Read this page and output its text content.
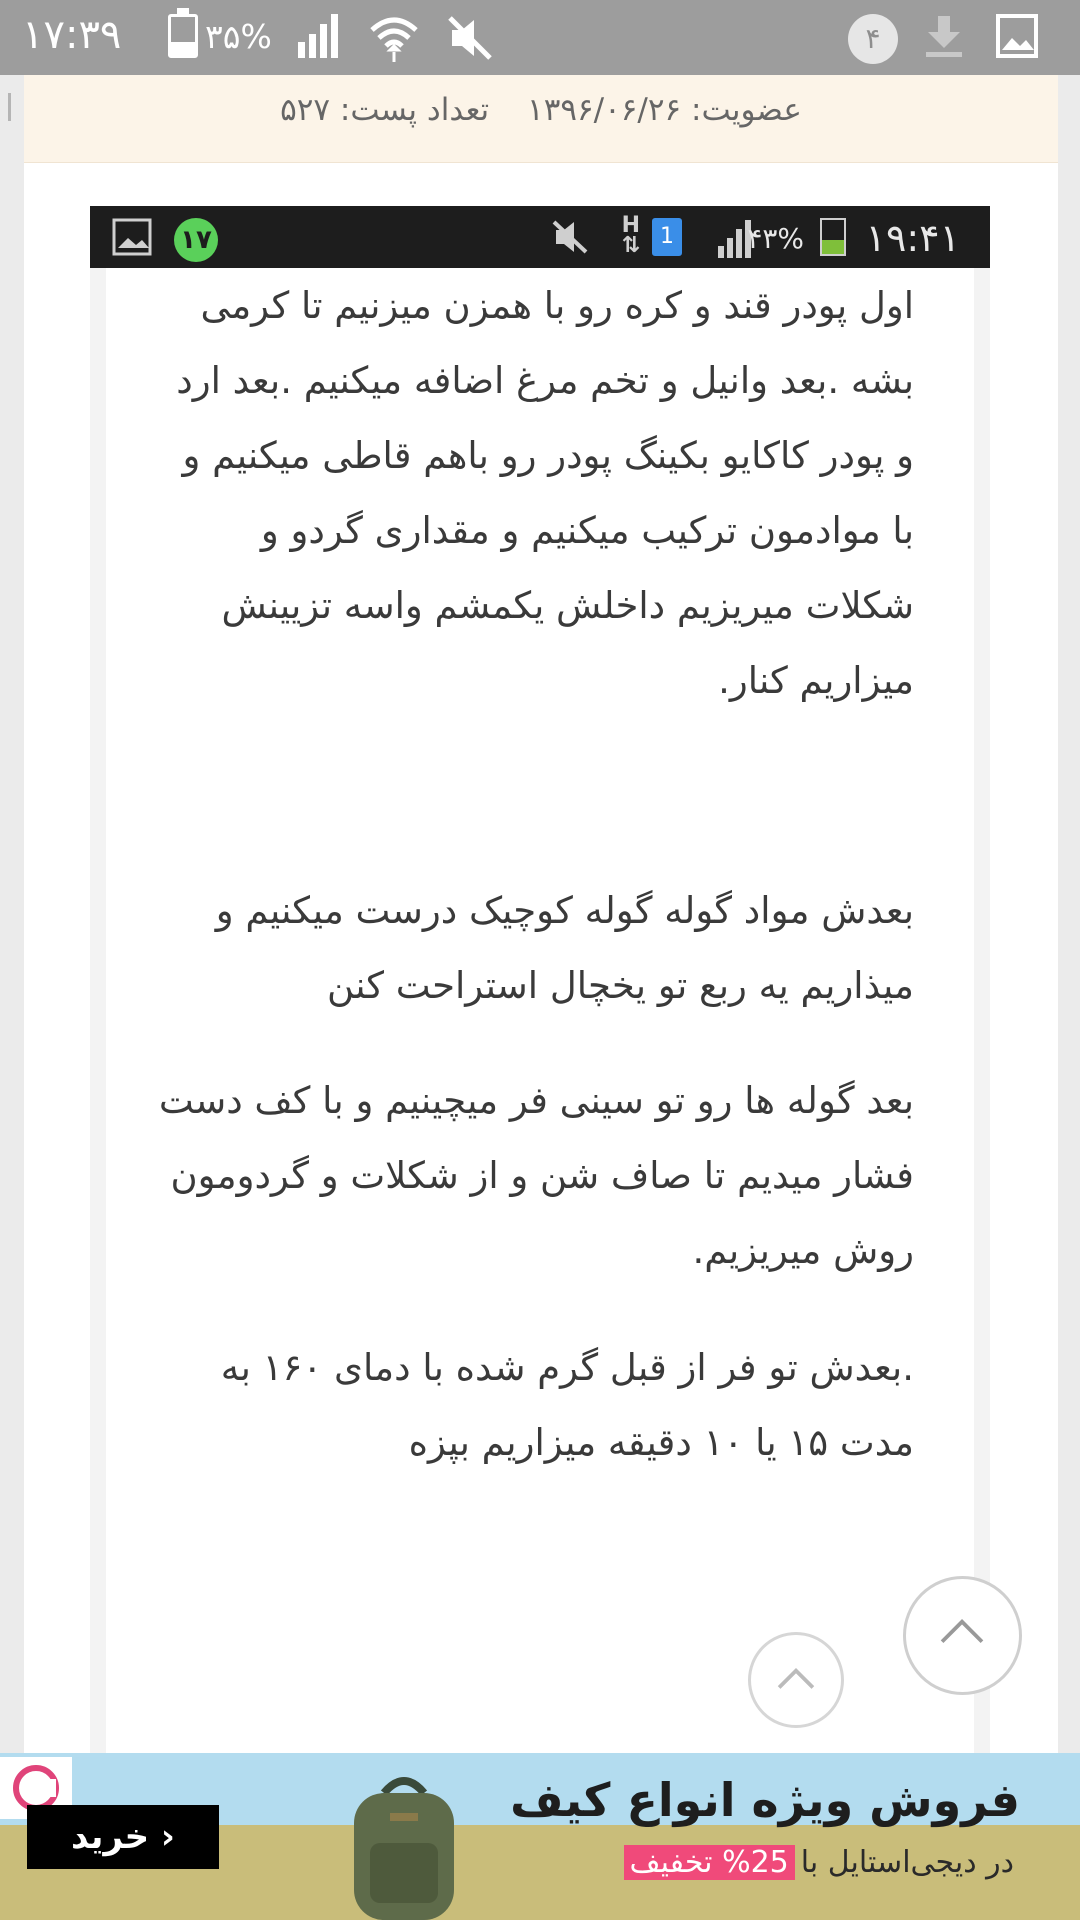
۱۷:۳۹	۳۵%	۴
عضویت: ۱۳۹۶/۰۶/۲۶ تعداد پست: ۵۲۷
۱۷	H
⇅ 1	۴۳% ۱۹:۴۱

اول پودر قند و کره رو با همزن میزنیم تا کرمی بشه .بعد وانیل و تخم مرغ اضافه میکنیم .بعد ارد و پودر کاکایو بکینگ پودر رو باهم قاطی میکنیم و با موادمون ترکیب میکنیم و مقداری گردو و شکلات میریزیم داخلش یکمشم واسه تزیینش میزاریم کنار.

بعدش مواد گوله گوله کوچیک درست میکنیم و میذاریم یه ربع تو یخچال استراحت کنن

بعد گوله ها رو تو سینی فر میچینیم و با کف دست فشار میدیم تا صاف شن و از شکلات و گردومون روش میریزیم.

.بعدش تو فر از قبل گرم شده با دمای ۱۶۰ به مدت ۱۵ یا ۱۰ دقیقه میزاریم بپزه

فروش ویژه انواع کیف
در دیجی‌استایل با25% تخفیف
خرید ›
